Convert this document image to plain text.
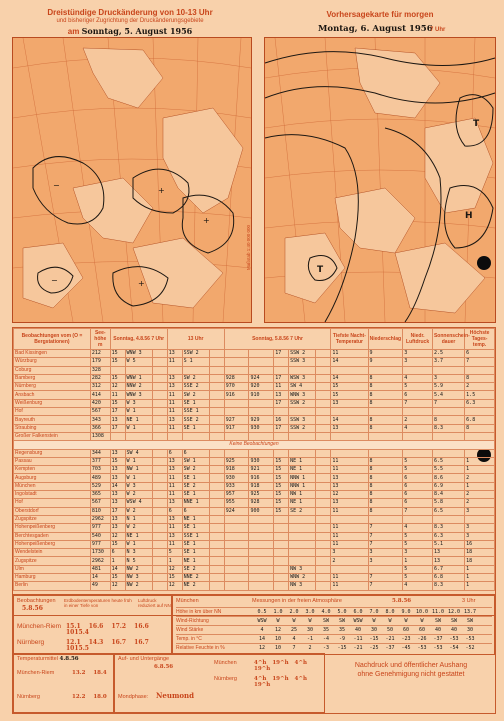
Dreistündige Druckänderung von 10-13 Uhr
und bisheriger Zugrichtung der Druckänderungsgebiete
am Sonntag, 5. August 1956
Vorhersagekarte für morgen
Montag, 6. August 1956
7 Uhr
−
+
+
−	+
T
H
T
Maßstab 1:40 000 000
Beobachtungen vom (O = Bergstationen)	See-höhe m	Sonntag, 4.8.56 7 Uhr			13 Uhr			Sonntag, 5.8.56 7 Uhr					Tiefste Nacht-Temperatur	Niederschlag	Niedr. Luftdruck	Sonnenschein-dauer	Höchste Tages-temp.
Bad Kissingen	212	15	WNW 3		13	SSW 2				17	SSW 2		11	9	3	2.5	6
Würzburg	179	15	W 5		11	S 1					SSW 3		14	9	3	3.7	7
Coburg	328																
Bamberg	282	15	WNW 1		13	SW 2		928	924	17	WSW 3		14	8	4	3	8
Nürnberg	312	12	NNW 2		13	SSE 2		970	920	11	SW 4		15	8	5	5.9	2
Ansbach	414	11	WNW 3		11	SW 2		916	910	13	WNW 3		15	8	6	5.4	1.5
Weißenburg	420	15	W 3		11	SE 1				17	SSW 2		13	8	7	7	6.3
Hof	567	17	W 1		11	SSE 1											
Bayreuth	343	13	NE 1		13	SSE 2		927	929	16	SSW 3		14	8	2	8	6.8
Straubing	366	17	W 1		11	SE 1		917	930	17	SSW 2		13	8	4	8.3	8
Großer Falkenstein	1308																
Keine Beobachtungen																	
Regensburg	344	13	SW 4		6	6											
Passau	377	15	W 1		13	SW 1		925	930	15	NE 1		11	8	5	6.5	1
Kempten	703	13	NW 1		13	SW 2		918	921	15	NE 1		11	8	5	5.5	1
Augsburg	489	13	W 1		11	SE 1		930	916	15	NNW 1		13	8	6	8.6	2
München	529	14	W 3		11	SE 2		933	918	15	NNW 1		13	8	6	6.9	1
Ingolstadt	365	13	W 2		11	SE 1		957	925	15	NW 1		12	8	6	8.4	2
Hof	567	13	WSW 4		13	NNE 1		955	928	15	NE 1		13	8	6	5.8	2
Oberstdorf	810	17	W 2		6	6		924	900	15	SE 2		11	8	7	6.5	3
Zugspitze	2962	13	N 1		13	NE 1											
Hohenpeißenberg	977	13	W 2		11	SE 1							11	7	4	8.3	3
Berchtesgaden	540	12	NE 1		13	SSE 1							11	7	5	6.3	3
Hohenpeißenberg	977	15	W 1		11	SE 1							11	7	5	5.1	16
Wendelstein	1730	6	N 3		5	SE 1							3	3	3	13	18
Zugspitze	2962	1	N 5		1	NE 1							2	3	1	13	18
Ulm	481	14	NW 2		12	SE 2					NW 3				5	6.7	1
Hamburg	14	15	NW 3		15	NNE 2					WNW 2		11	7	5	6.8	1
Berlin	49	12	NW 2		12	NE 2					NW 3		11	7	4	8.3	1
Beobachtungen
5.8.56
Erdbodentemperaturen heute früh in einer Tiefe von
Luftdruck reduziert auf NN
München-Riem 15.1 16.6 17.2 16.6 1015.4
Nürnberg	12.1 14.3 16.7 16.7 1015.5
München	Messungen in der freien Atmosphäre	5.8.56	3 Uhr
Höhe in km über NN	0.5 1.0 2.0 3.0 4.0 5.0 6.0 7.0 8.0 9.0 10.0 11.0 12.0 13.7
Wind-Richtung	WSW W	W	W SW SW WSW W	W	W	W SW SW SW
Wind Stärke	4 12 25 30 35 35 40 30 50 60 60 40 40 30
Temp. in °C	14 10 4 -1 -4 -9 -11 -15 -21 -23 -26 -37 -53 -53
Relative Feuchte in %	12 10 7	2 -3 -15 -21 -25 -37 -45 -53 -53 -54 -52
Temperaturmittel 4.8.56
München-Riem	13.2 18.4
Nürnberg	12.2 18.0
Auf- und Untergänge
6.8.56
München	4^h 19^h 4^h 19^h
Nürnberg	4^h 19^h 4^h 19^h
Mondphase: Neumond
Nachdruck und öffentlicher Aushang
ohne Genehmigung nicht gestattet
